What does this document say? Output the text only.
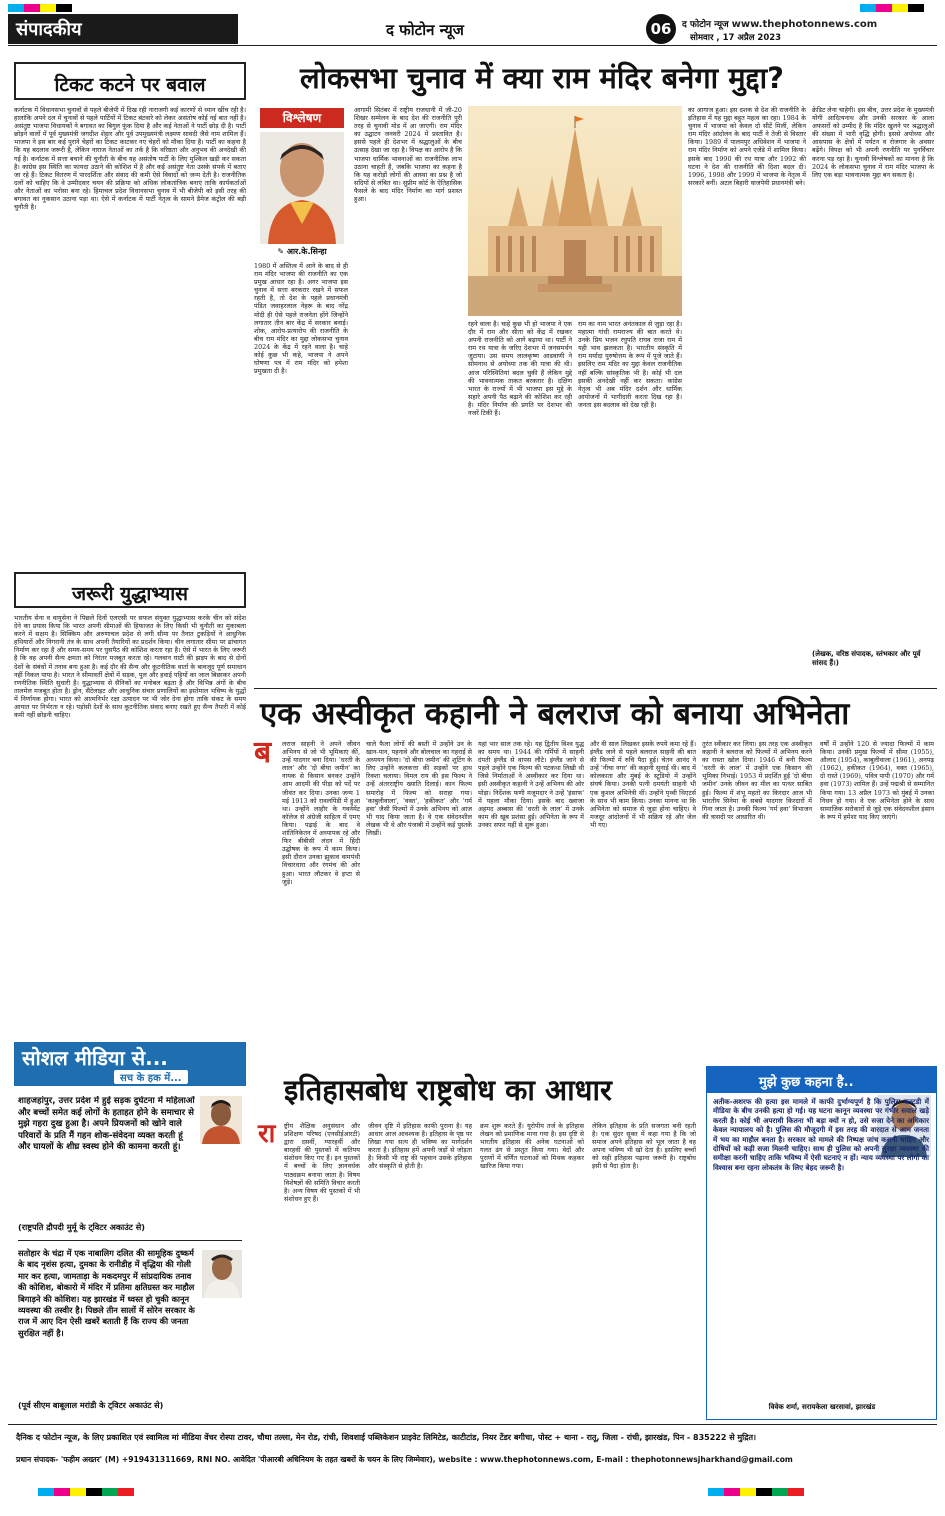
संपादकीय	द फोटोन न्यूज	06	द फोटोन न्यूज www.thephotonnews.com
सोमवार , 17 अप्रैल 2023
टिकट कटने पर बवाल
कर्नाटक में विधानसभा चुनावों से पहले बीजेपी में दिख रही नाराजगी कई कारणों से ध्यान खींच रही है। हालांकि अपने दल में चुनावों से पहले पार्टियों में टिकट बंटवारे को लेकर असंतोष कोई नई बात नहीं है। असंतुष्ट भाजपा विधायकों ने बगावत का बिगुल फूंक दिया है और कई नेताओं ने पार्टी छोड़ दी है। पार्टी छोड़ने वालों में पूर्व मुख्यमंत्री जगदीश शेट्टार और पूर्व उपमुख्यमंत्री लक्ष्मण सावदी जैसे नाम शामिल हैं। भाजपा ने इस बार कई पुराने चेहरों का टिकट काटकर नए चेहरों को मौका दिया है। पार्टी का कहना है कि यह बदलाव जरूरी है, लेकिन नाराज नेताओं का तर्क है कि वरिष्ठता और अनुभव की अनदेखी की गई है। कर्नाटक में सत्ता बचाने की चुनौती के बीच यह असंतोष पार्टी के लिए मुश्किल खड़ी कर सकता है। कांग्रेस इस स्थिति का फायदा उठाने की कोशिश में है और कई असंतुष्ट नेता उसके संपर्क में बताए जा रहे हैं। टिकट वितरण में पारदर्शिता और संवाद की कमी ऐसे विवादों को जन्म देती है। राजनीतिक दलों को चाहिए कि वे उम्मीदवार चयन की प्रक्रिया को अधिक लोकतांत्रिक बनाएं ताकि कार्यकर्ताओं और नेताओं का भरोसा बना रहे। हिमाचल प्रदेश विधानसभा चुनाव में भी बीजेपी को इसी तरह की बगावत का नुकसान उठाना पड़ा था। ऐसे में कर्नाटक में पार्टी नेतृत्व के सामने डैमेज कंट्रोल की बड़ी चुनौती है।
जरूरी युद्धाभ्यास
भारतीय सेना व वायुसेना ने पिछले दिनों एलएसी पर सफल संयुक्त युद्धाभ्यास करके चीन को संदेश देने का प्रयास किया कि भारत अपनी सीमाओं की हिफाजत के लिए किसी भी चुनौती का मुकाबला करने में सक्षम है। सिक्किम और अरुणाचल प्रदेश से लगी सीमा पर तैनात टुकड़ियों ने आधुनिक हथियारों और निगरानी तंत्र के साथ अपनी तैयारियों का प्रदर्शन किया। चीन लगातार सीमा पर ढांचागत निर्माण कर रहा है और समय-समय पर घुसपैठ की कोशिश करता रहा है। ऐसे में भारत के लिए जरूरी है कि वह अपनी सैन्य क्षमता को निरंतर मजबूत करता रहे। गलवान घाटी की झड़प के बाद से दोनों देशों के संबंधों में तनाव बना हुआ है। कई दौर की सैन्य और कूटनीतिक वार्ता के बावजूद पूर्ण समाधान नहीं निकल पाया है। भारत ने सीमावर्ती क्षेत्रों में सड़क, पुल और हवाई पट्टियों का जाल बिछाकर अपनी रणनीतिक स्थिति सुधारी है। युद्धाभ्यास से सैनिकों का मनोबल बढ़ता है और विभिन्न अंगों के बीच तालमेल मजबूत होता है। ड्रोन, सैटेलाइट और आधुनिक संचार प्रणालियों का इस्तेमाल भविष्य के युद्धों में निर्णायक होगा। भारत को आत्मनिर्भर रक्षा उत्पादन पर भी जोर देना होगा ताकि संकट के समय आयात पर निर्भरता न रहे। पड़ोसी देशों के साथ कूटनीतिक संवाद बनाए रखते हुए सैन्य तैयारी में कोई कमी नहीं छोड़नी चाहिए।
लोकसभा चुनाव में क्या राम मंदिर बनेगा मुद्दा?
विश्लेषण
✎ आर.के.सिन्हा
1980 में अस्तित्व में आने के बाद से ही राम मंदिर भाजपा की राजनीति का एक प्रमुख आधार रहा है। अगर भाजपा इस चुनाव में सत्ता बरकरार रखने में सफल रहती है, तो देश के पहले प्रधानमंत्री पंडित जवाहरलाल नेहरू के बाद नरेंद्र मोदी ही ऐसे पहले राजनेता होंगे जिन्होंने लगातार तीन बार केंद्र में सरकार बनाई। शोक, आरोप-प्रत्यारोप की राजनीति के बीच राम मंदिर का मुद्दा लोकसभा चुनाव 2024 के केंद्र में रहने वाला है। चाहे कोई कुछ भी कहे, भाजपा ने अपने घोषणा पत्र में राम मंदिर को हमेशा प्रमुखता दी है।
आगामी सितंबर में राष्ट्रीय राजधानी में जी-20 शिखर सम्मेलन के बाद देश की राजनीति पूरी तरह से चुनावी मोड में आ जाएगी। राम मंदिर का उद्घाटन जनवरी 2024 में प्रस्तावित है। इससे पहले ही देशभर में श्रद्धालुओं के बीच उत्साह देखा जा रहा है। विपक्ष का आरोप है कि भाजपा धार्मिक भावनाओं का राजनीतिक लाभ उठाना चाहती है, जबकि भाजपा का कहना है कि यह करोड़ों लोगों की आस्था का प्रश्न है जो सदियों से लंबित था। सुप्रीम कोर्ट के ऐतिहासिक फैसले के बाद मंदिर निर्माण का मार्ग प्रशस्त हुआ।
रहने वाला है। चाहे कुछ भी हो भाजपा ने एक दौर में राम और सीता को केंद्र में रखकर अपनी राजनीति को आगे बढ़ाया था। पार्टी ने राम रथ यात्रा के जरिए देशभर में जनसमर्थन जुटाया। उस समय लालकृष्ण आडवाणी ने सोमनाथ से अयोध्या तक की यात्रा की थी। आज परिस्थितियां बदल चुकी हैं लेकिन मुद्दे की भावनात्मक ताकत बरकरार है। दक्षिण भारत के राज्यों में भी भाजपा इस मुद्दे के सहारे अपनी पैठ बढ़ाने की कोशिश कर रही है। मंदिर निर्माण की प्रगति पर देशभर की नजरें टिकी हैं।
राम का नाम भारत अनंतकाल से जुड़ा रहा है। महात्मा गांधी रामराज्य की बात करते थे। उनके प्रिय भजन रघुपति राघव राजा राम में यही भाव झलकता है। भारतीय संस्कृति में राम मर्यादा पुरुषोत्तम के रूप में पूजे जाते हैं। इसलिए राम मंदिर का मुद्दा केवल राजनीतिक नहीं बल्कि सांस्कृतिक भी है। कोई भी दल इसकी अनदेखी नहीं कर सकता। कांग्रेस नेतृत्व भी अब मंदिर दर्शन और धार्मिक आयोजनों में भागीदारी करता दिख रहा है। जनता इस बदलाव को देख रही है।
का आगाज हुआ। इस दशक से देश की राजनीति के इतिहास में यह मुद्दा बहुत महत्व का रहा। 1984 के चुनाव में भाजपा को केवल दो सीटें मिलीं, लेकिन राम मंदिर आंदोलन के बाद पार्टी ने तेजी से विस्तार किया। 1989 में पालमपुर अधिवेशन में भाजपा ने राम मंदिर निर्माण को अपने एजेंडे में शामिल किया। इसके बाद 1990 की रथ यात्रा और 1992 की घटना ने देश की राजनीति की दिशा बदल दी। 1996, 1998 और 1999 में भाजपा के नेतृत्व में सरकारें बनीं। अटल बिहारी वाजपेयी प्रधानमंत्री बने।
क्रेडिट लेना चाहेगी। इस बीच, उत्तर प्रदेश के मुख्यमंत्री योगी आदित्यनाथ और उनकी सरकार के आला अफसरों को उम्मीद है कि मंदिर खुलने पर श्रद्धालुओं की संख्या में भारी वृद्धि होगी। इससे अयोध्या और आसपास के क्षेत्रों में पर्यटन व रोजगार के अवसर बढ़ेंगे। विपक्ष को भी अपनी रणनीति पर पुनर्विचार करना पड़ रहा है। चुनावी विश्लेषकों का मानना है कि 2024 के लोकसभा चुनाव में राम मंदिर भाजपा के लिए एक बड़ा भावनात्मक मुद्दा बन सकता है।
(लेखक, वरिष्ठ संपादक, स्तंभकार और पूर्व सांसद हैं।)
एक अस्वीकृत कहानी ने बलराज को बनाया अभिनेता
ब लराज साहनी ने अपने जीवन अभिनय से जो भी भूमिकाएं कीं, उन्हें यादगार बना दिया। 'धरती के लाल' और 'दो बीघा जमीन' का नायक से किसान बनकर उन्होंने आम आदमी की पीड़ा को पर्दे पर जीवंत कर दिया। उनका जन्म 1 मई 1913 को रावलपिंडी में हुआ था। उन्होंने लाहौर के गवर्नमेंट कॉलेज से अंग्रेजी साहित्य में एमए किया। पढ़ाई के बाद वे शांतिनिकेतन में अध्यापक रहे और फिर बीबीसी लंदन में हिंदी उद्घोषक के रूप में काम किया। इसी दौरान उनका झुकाव वामपंथी विचारधारा और रंगमंच की ओर हुआ। भारत लौटकर वे इप्टा से जुड़े।
चाले फैला लोगों की बस्ती में उन्होंने उन के खान-पान, पहनावे और बोलचाल का गहराई से अध्ययन किया। 'दो बीघा जमीन' की शूटिंग के लिए उन्होंने कलकत्ता की सड़कों पर हाथ रिक्शा चलाया। विमल राय की इस फिल्म ने उन्हें अंतरराष्ट्रीय ख्याति दिलाई। कान फिल्म समारोह में फिल्म को सराहा गया। 'काबुलीवाला', 'वक्त', 'हकीकत' और 'गर्म हवा' जैसी फिल्मों में उनके अभिनय को आज भी याद किया जाता है। वे एक संवेदनशील लेखक भी थे और पंजाबी में उन्होंने कई पुस्तकें लिखीं।
यहां भार साल तक रहे। यह द्वितीय विश्व युद्ध का समय था। 1944 की गर्मियों में साहनी दंपती इंग्लैंड से वापस लौटे। इंग्लैंड जाने से पहले उन्होंने एक फिल्म की पटकथा लिखी थी जिसे निर्माताओं ने अस्वीकार कर दिया था। इसी अस्वीकृत कहानी ने उन्हें अभिनय की ओर मोड़ा। निर्देशक फणी मजूमदार ने उन्हें 'इंसाफ' में पहला मौका दिया। इसके बाद ख्वाजा अहमद अब्बास की 'धरती के लाल' में उनके काम की खूब प्रशंसा हुई। अभिनेता के रूप में उनका सफर यहीं से शुरू हुआ।
और वी साल लिखकर इसके रुपये कमा रहे हैं। इंग्लैंड जाने से पहले बलराज साहनी की बात की फिल्मों में रुचि पैदा हुई। चेतन आनंद ने उन्हें 'नीचा नगर' की कहानी सुनाई थी। बाद में कोलकाता और मुंबई के स्टूडियो में उन्होंने संघर्ष किया। उनकी पत्नी दमयंती साहनी भी एक कुशल अभिनेत्री थीं। उन्होंने पृथ्वी थिएटर्स के साथ भी काम किया। उनका मानना था कि अभिनेता को समाज से जुड़ा होना चाहिए। वे मजदूर आंदोलनों में भी सक्रिय रहे और जेल भी गए।
तुरंत स्वीकार कर लिया। इस तरह एक अस्वीकृत कहानी ने बलराज को फिल्मों में अभिनय करने का रास्ता खोल दिया। 1946 में बनी फिल्म 'धरती के लाल' में उन्होंने एक किसान की भूमिका निभाई। 1953 में प्रदर्शित हुई 'दो बीघा जमीन' उनके जीवन का मील का पत्थर साबित हुई। फिल्म में शंभू महतो का किरदार आज भी भारतीय सिनेमा के सबसे यादगार किरदारों में गिना जाता है। उनकी फिल्म 'गर्म हवा' विभाजन की त्रासदी पर आधारित थी।
वर्षों में उन्होंने 120 से ज्यादा फिल्मों में काम किया। उनकी प्रमुख फिल्मों में सीमा (1955), औलाद (1954), काबुलीवाला (1961), अनपढ़ (1962), हकीकत (1964), वक्त (1965), दो रास्ते (1969), पवित्र पापी (1970) और गर्म हवा (1973) शामिल हैं। उन्हें पद्मश्री से सम्मानित किया गया। 13 अप्रैल 1973 को मुंबई में उनका निधन हो गया। वे एक अभिनेता होने के साथ सामाजिक सरोकारों से जुड़े एक संवेदनशील इंसान के रूप में हमेशा याद किए जाएंगे।
सोशल मीडिया से...
सच के हक में...
शाहजहांपुर, उत्तर प्रदेश में हुई सड़क दुर्घटना में महिलाओं और बच्चों समेत कई लोगों के हताहत होने के समाचार से मुझे गहरा दुख हुआ है। अपने प्रियजनों को खोने वाले परिवारों के प्रति मैं गहन शोक-संवेदना व्यक्त करती हूं और घायलों के शीघ्र स्वस्थ होने की कामना करती हूं।
(राष्ट्रपति द्रौपदी मुर्मू के ट्विटर अकाउंट से)
सतोहार के चंद्रा में एक नाबालिग दलित की सामूहिक दुष्कर्म के बाद नृशंस हत्या, दुमका के रानीडीह में वृद्धिया की गोली मार कर हत्या, जामताड़ा के मकदमपुर में सांप्रदायिक तनाव की कोशिश, बोकारो में मंदिर में प्रतिमा क्षतिग्रस्त कर माहौल बिगाड़ने की कोशिश। यह झारखंड में ध्वस्त हो चुकी कानून व्यवस्था की तस्वीर है। पिछले तीन सालों में सोरेन सरकार के राज में आए दिन ऐसी खबरें बताती हैं कि राज्य की जनता सुरक्षित नहीं है।
(पूर्व सीएम बाबूलाल मरांडी के ट्विटर अकाउंट से)
इतिहासबोध राष्ट्रबोध का आधार
रा ष्ट्रीय शैक्षिक अनुसंधान और प्रशिक्षण परिषद (एनसीईआरटी) द्वारा दसवीं, ग्यारहवीं और बारहवीं की पुस्तकों में कतिपय संशोधन किए गए हैं। इन पुस्तकों में बच्चों के लिए ज्ञानवर्धक पाठ्यक्रम बनाया जाता है। विषय विशेषज्ञों की समिति विचार करती है। अन्य विषय की पुस्तकों में भी संशोधन हुए हैं।
जीवन दृष्टि में इतिहास काफी पुराना है। यह आधार आज आवश्यक है। इतिहास के पृष्ठ पर लिखा गया सत्य ही भविष्य का मार्गदर्शन करता है। इतिहास हमें अपनी जड़ों से जोड़ता है। किसी भी राष्ट्र की पहचान उसके इतिहास और संस्कृति से होती है।
क्रम शुरू करते हैं। यूरोपीय तर्ज के इतिहास लेखन को प्रमाणिक माना गया है। इस दृष्टि से भारतीय इतिहास की अनेक घटनाओं को गलत ढंग से प्रस्तुत किया गया। वेदों और पुराणों में वर्णित घटनाओं को मिथक कहकर खारिज किया गया।
लेकिन इतिहास के प्रति सजगता बनी रहती है। एक सुंदर सूक्त में कहा गया है कि जो समाज अपने इतिहास को भूल जाता है वह अपना भविष्य भी खो देता है। इसलिए बच्चों को सही इतिहास पढ़ाना जरूरी है। राष्ट्रबोध इसी से पैदा होता है।
मुझे कुछ कहना है..
अतीक-अशरफ की हत्या इस मामले में काफी दुर्भाग्यपूर्ण है कि पुलिस कस्टडी में मीडिया के बीच उनकी हत्या हो गई। यह घटना कानून व्यवस्था पर गंभीर सवाल खड़े करती है। कोई भी अपराधी कितना भी बड़ा क्यों न हो, उसे सजा देने का अधिकार केवल न्यायालय को है। पुलिस की मौजूदगी में इस तरह की वारदात से आम जनता में भय का माहौल बनता है। सरकार को मामले की निष्पक्ष जांच करानी चाहिए और दोषियों को कड़ी सजा मिलनी चाहिए। साथ ही पुलिस को अपनी सुरक्षा व्यवस्था की समीक्षा करनी चाहिए ताकि भविष्य में ऐसी घटनाएं न हों। न्याय व्यवस्था पर लोगों का विश्वास बना रहना लोकतंत्र के लिए बेहद जरूरी है।
विवेक शर्मा, सरायकेला खरसावां, झारखंड
दैनिक द फोटोन न्यूज, के लिए प्रकाशित एवं स्वामित्व मां मीडिया वेंचर रोस्पा टावर, चौथा तल्ला, मेन रोड, रांची, शिवशाई पब्लिकेशन प्राइवेट लिमिटेड, काटीटांड, नियर टेंडर बगीचा, पोस्ट + थाना - रातू, जिला - रांची, झारखंड, पिन - 835222 से मुद्रित।
प्रधान संपादक- 'फहीम अख्तर' (M) +919431311669, RNI NO. आवेदित 'पीआरबी अधिनियम के तहत खबरों के चयन के लिए जिम्मेवार), website : www.thephotonnews.com, E-mail : thephotonnewsjharkhand@gmail.com
